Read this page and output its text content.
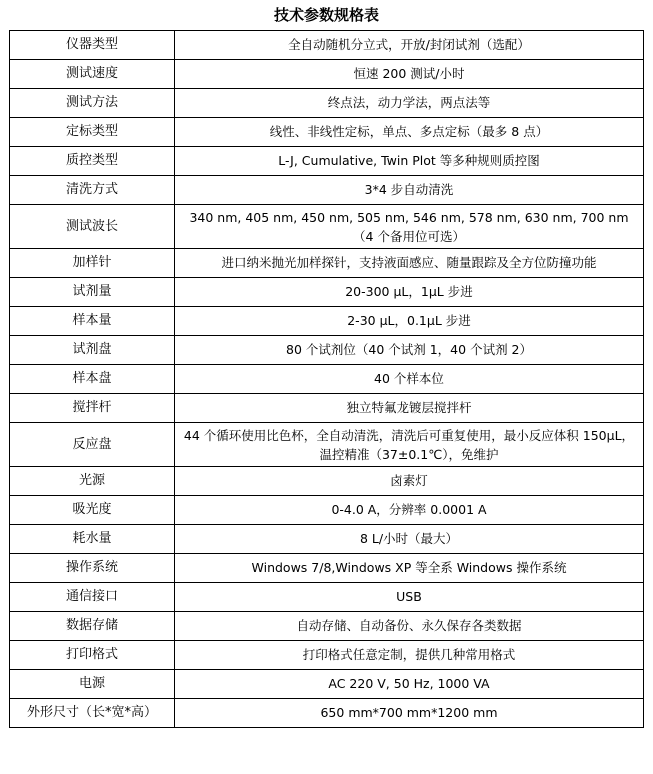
技术参数规格表
仪器类型	全自动随机分立式，开放/封闭试剂（选配）
测试速度	恒速 200 测试/小时
测试方法	终点法，动力学法，两点法等
定标类型	线性、非线性定标，单点、多点定标（最多 8 点）
质控类型	L-J, Cumulative, Twin Plot 等多种规则质控图
清洗方式	3*4 步自动清洗
测试波长	340 nm, 405 nm, 450 nm, 505 nm, 546 nm, 578 nm, 630 nm, 700 nm （4 个备用位可选）
加样针	进口纳米抛光加样探针，支持液面感应、随量跟踪及全方位防撞功能
试剂量	20-300 μL，1μL 步进
样本量	2-30 μL，0.1μL 步进
试剂盘	80 个试剂位（40 个试剂 1，40 个试剂 2）
样本盘	40 个样本位
搅拌杆	独立特氟龙镀层搅拌杆
反应盘	44 个循环使用比色杯，全自动清洗，清洗后可重复使用，最小反应体积 150μL，温控精准（37±0.1℃），免维护
光源	卤素灯
吸光度	0-4.0 A，分辨率 0.0001 A
耗水量	8 L/小时（最大）
操作系统	Windows 7/8,Windows XP 等全系 Windows 操作系统
通信接口	USB
数据存储	自动存储、自动备份、永久保存各类数据
打印格式	打印格式任意定制，提供几种常用格式
电源	AC 220 V, 50 Hz, 1000 VA
外形尺寸（长*宽*高）	650 mm*700 mm*1200 mm
